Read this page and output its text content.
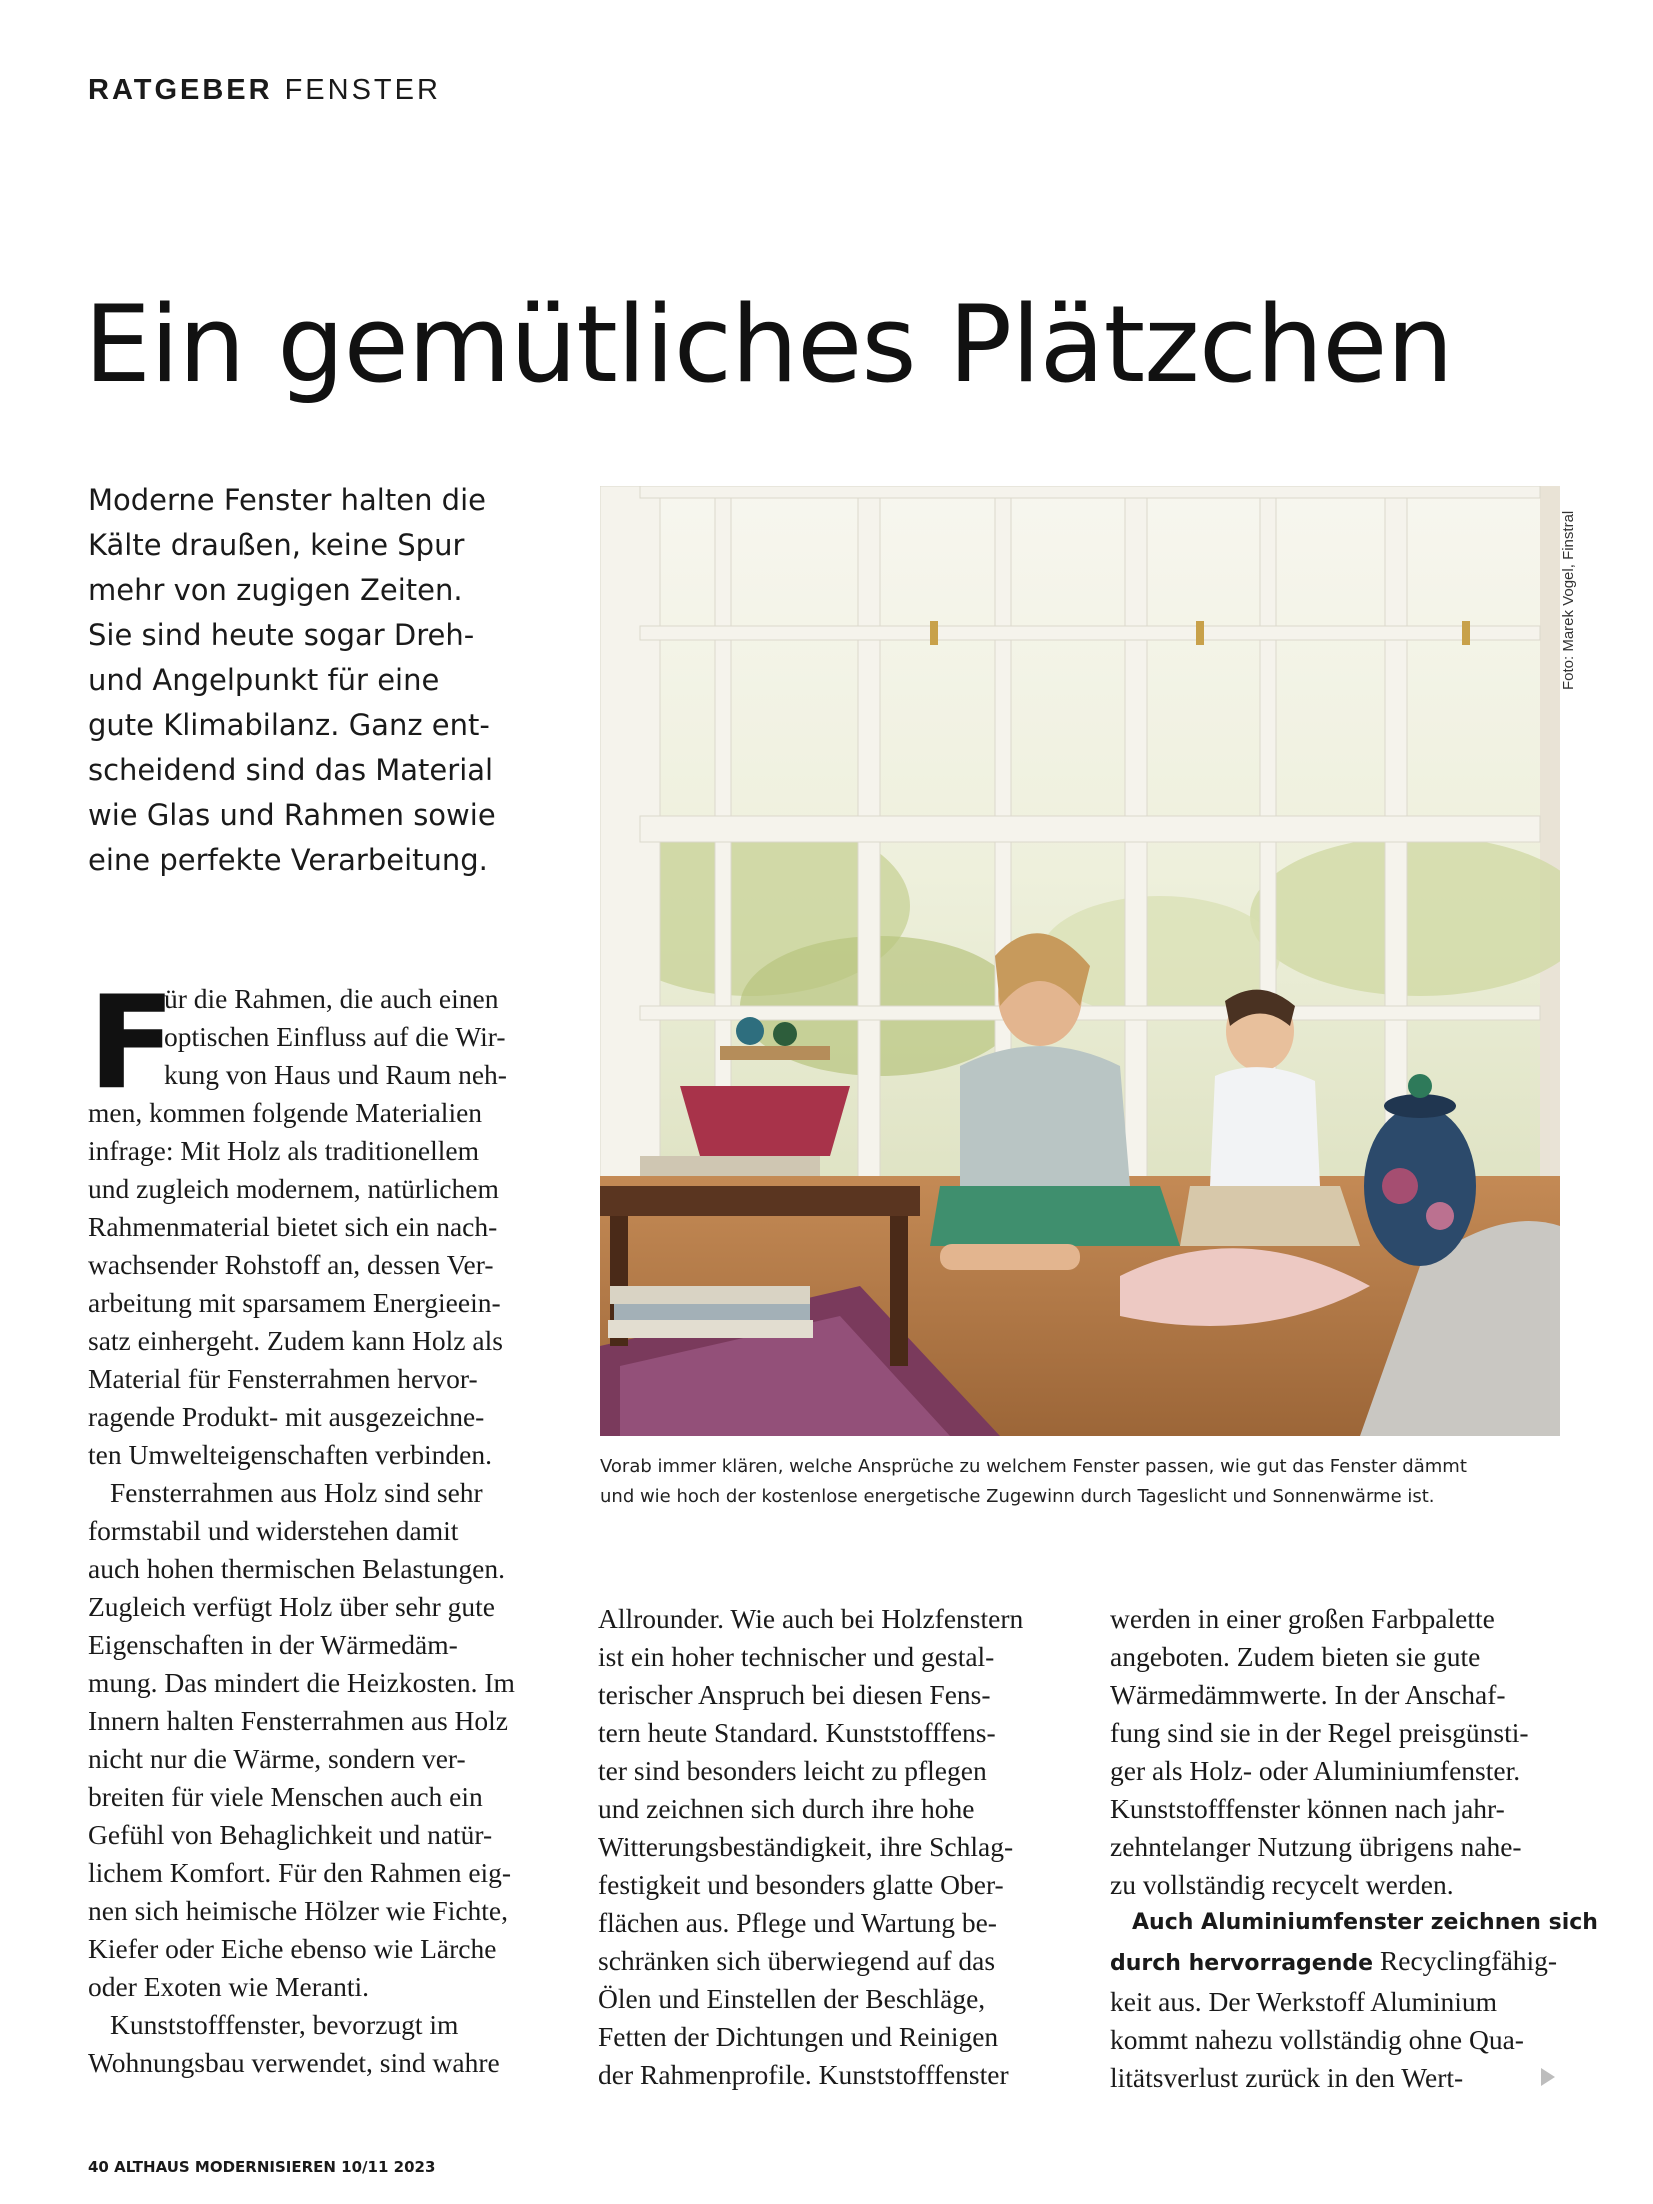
RATGEBER FENSTER
Ein gemütliches Plätzchen
Moderne Fenster halten die
Kälte draußen, keine Spur
mehr von zugigen Zeiten.
Sie sind heute sogar Dreh-
und Angelpunkt für eine
gute Klimabilanz. Ganz ent-
scheidend sind das Material
wie Glas und Rahmen sowie
eine perfekte Verarbeitung.
F
ür die Rahmen, die auch einen
optischen Einfluss auf die Wir-
kung von Haus und Raum neh-
men, kommen folgende Materialien
infrage: Mit Holz als traditionellem
und zugleich modernem, natürlichem
Rahmenmaterial bietet sich ein nach-
wachsender Rohstoff an, dessen Ver-
arbeitung mit sparsamem Energieein-
satz einhergeht. Zudem kann Holz als
Material für Fensterrahmen hervor-
ragende Produkt- mit ausgezeichne-
ten Umwelteigenschaften verbinden.
Fensterrahmen aus Holz sind sehr
formstabil und widerstehen damit
auch hohen thermischen Belastungen.
Zugleich verfügt Holz über sehr gute
Eigenschaften in der Wärmedäm-
mung. Das mindert die Heizkosten. Im
Innern halten Fensterrahmen aus Holz
nicht nur die Wärme, sondern ver-
breiten für viele Menschen auch ein
Gefühl von Behaglichkeit und natür-
lichem Komfort. Für den Rahmen eig-
nen sich heimische Hölzer wie Fichte,
Kiefer oder Eiche ebenso wie Lärche
oder Exoten wie Meranti.
Kunststofffenster, bevorzugt im
Wohnungsbau verwendet, sind wahre
Foto: Marek Vogel, Finstral
Vorab immer klären, welche Ansprüche zu welchem Fenster passen, wie gut das Fenster dämmt
und wie hoch der kostenlose energetische Zugewinn durch Tageslicht und Sonnenwärme ist.
Allrounder. Wie auch bei Holzfenstern
ist ein hoher technischer und gestal-
terischer Anspruch bei diesen Fens-
tern heute Standard. Kunststofffens-
ter sind besonders leicht zu pflegen
und zeichnen sich durch ihre hohe
Witterungsbeständigkeit, ihre Schlag-
festigkeit und besonders glatte Ober-
flächen aus. Pflege und Wartung be-
schränken sich überwiegend auf das
Ölen und Einstellen der Beschläge,
Fetten der Dichtungen und Reinigen
der Rahmenprofile. Kunststofffenster
werden in einer großen Farbpalette
angeboten. Zudem bieten sie gute
Wärmedämmwerte. In der Anschaf-
fung sind sie in der Regel preisgünsti-
ger als Holz- oder Aluminiumfenster.
Kunststofffenster können nach jahr-
zehntelanger Nutzung übrigens nahe-
zu vollständig recycelt werden.
Auch Aluminiumfenster zeichnen sich
durch hervorragende Recyclingfähig-
keit aus. Der Werkstoff Aluminium
kommt nahezu vollständig ohne Qua-
litätsverlust zurück in den Wert-
40 ALTHAUS MODERNISIEREN 10/11 2023
